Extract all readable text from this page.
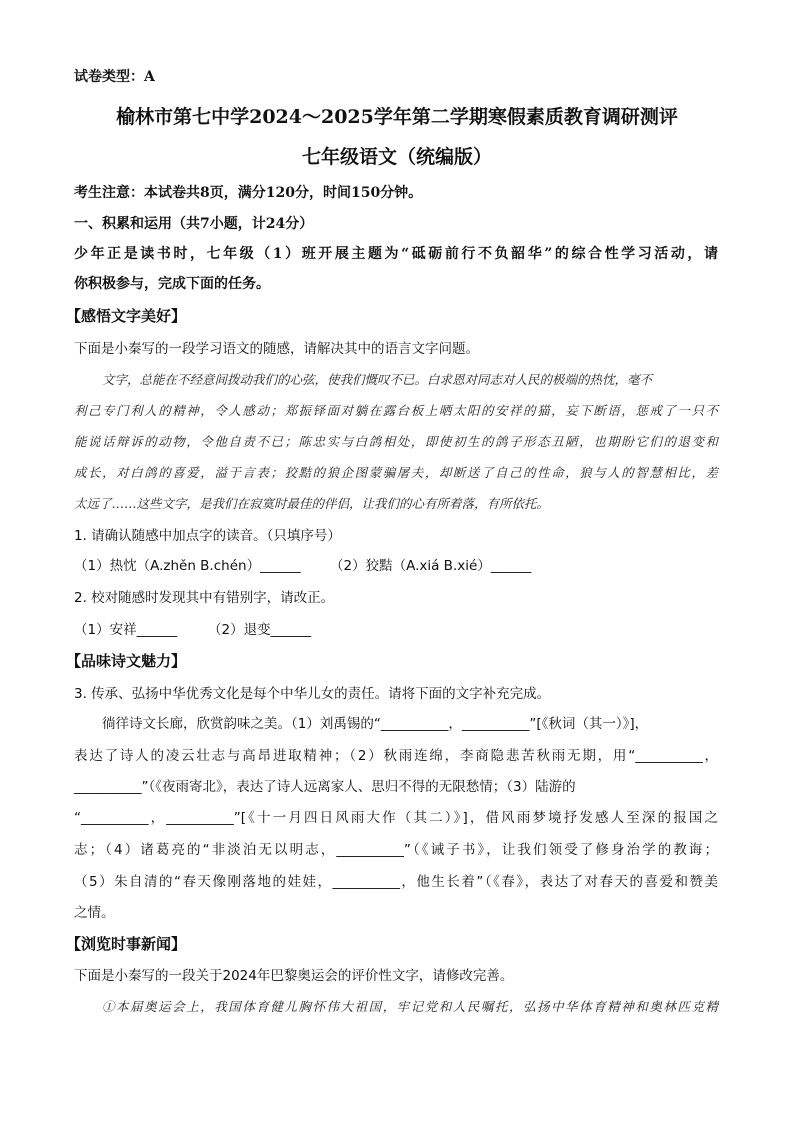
试卷类型：A
榆林市第七中学2024～2025学年第二学期寒假素质教育调研测评
七年级语文（统编版）
考生注意：本试卷共8页，满分120分，时间150分钟。
一、积累和运用（共7小题，计24分）
少年正是读书时，七年级（1）班开展主题为“砥砺前行不负韶华”的综合性学习活动，请
你积极参与，完成下面的任务。
【感悟文字美好】
下面是小秦写的一段学习语文的随感，请解决其中的语言文字问题。
文字，总能在不经意间拨动我们的心弦，使我们慨叹不已。白求恩对同志对人民的极端的热忱，毫不
利己专门利人的精神，令人感动；郑振铎面对躺在露台板上晒太阳的安祥的猫，妄下断语，惩戒了一只不
能说话辩诉的动物，令他自责不已；陈忠实与白鸽相处，即使初生的鸽子形态丑陋，也期盼它们的退变和
成长，对白鸽的喜爱，溢于言表；狡黠的狼企图蒙骗屠夫，却断送了自己的性命，狼与人的智慧相比，差
太远了……这些文字，是我们在寂寞时最佳的伴侣，让我们的心有所着落，有所依托。
1. 请确认随感中加点字的读音。（只填序号）
（1）热忱（A.zhěn B.chén）______ （2）狡黠（A.xiá B.xié）______
2. 校对随感时发现其中有错别字，请改正。
（1）安祥______ （2）退变______
【品味诗文魅力】
3. 传承、弘扬中华优秀文化是每个中华儿女的责任。请将下面的文字补充完成。
徜徉诗文长廊，欣赏韵味之美。（1）刘禹锡的“__________，__________”[《秋词（其一）》]，
表达了诗人的凌云壮志与高昂进取精神；（2）秋雨连绵，李商隐悲苦秋雨无期，用“__________，
__________”（《夜雨寄北》，表达了诗人远离家人、思归不得的无限愁情；（3）陆游的
“__________，__________”[《十一月四日风雨大作（其二）》]，借风雨梦境抒发感人至深的报国之
志；（4）诸葛亮的“非淡泊无以明志，__________”（《诫子书》，让我们领受了修身治学的教诲；
（5）朱自清的“春天像刚落地的娃娃，__________，他生长着”（《春》，表达了对春天的喜爱和赞美
之情。
【浏览时事新闻】
下面是小秦写的一段关于2024年巴黎奥运会的评价性文字，请修改完善。
①本届奥运会上，我国体育健儿胸怀伟大祖国，牢记党和人民嘱托，弘扬中华体育精神和奥林匹克精
